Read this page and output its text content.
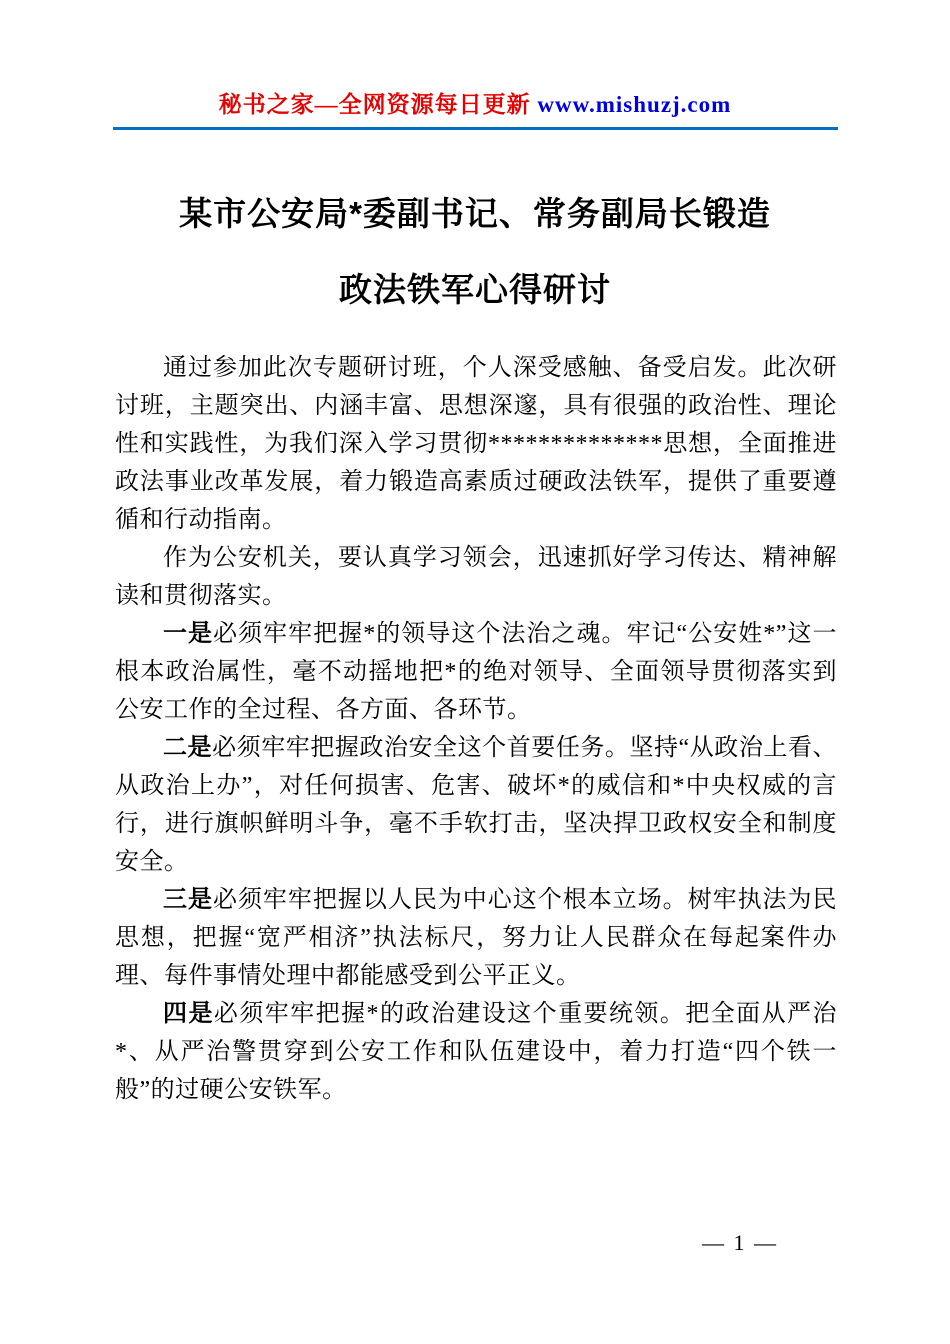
秘书之家—全网资源每日更新 www.mishuzj.com
某市公安局*委副书记、常务副局长锻造
政法铁军心得研讨

通过参加此次专题研讨班，个人深受感触、备受启发。此次研讨班，主题突出、内涵丰富、思想深邃，具有很强的政治性、理论性和实践性，为我们深入学习贯彻**************思想，全面推进政法事业改革发展，着力锻造高素质过硬政法铁军，提供了重要遵循和行动指南。

作为公安机关，要认真学习领会，迅速抓好学习传达、精神解读和贯彻落实。

一是必须牢牢把握*的领导这个法治之魂。牢记“公安姓*”这一根本政治属性，毫不动摇地把*的绝对领导、全面领导贯彻落实到公安工作的全过程、各方面、各环节。

二是必须牢牢把握政治安全这个首要任务。坚持“从政治上看、从政治上办”，对任何损害、危害、破坏*的威信和*中央权威的言行，进行旗帜鲜明斗争，毫不手软打击，坚决捍卫政权安全和制度安全。

三是必须牢牢把握以人民为中心这个根本立场。树牢执法为民思想，把握“宽严相济”执法标尺，努力让人民群众在每起案件办理、每件事情处理中都能感受到公平正义。

四是必须牢牢把握*的政治建设这个重要统领。把全面从严治*、从严治警贯穿到公安工作和队伍建设中，着力打造“四个铁一般”的过硬公安铁军。

— 1 —
